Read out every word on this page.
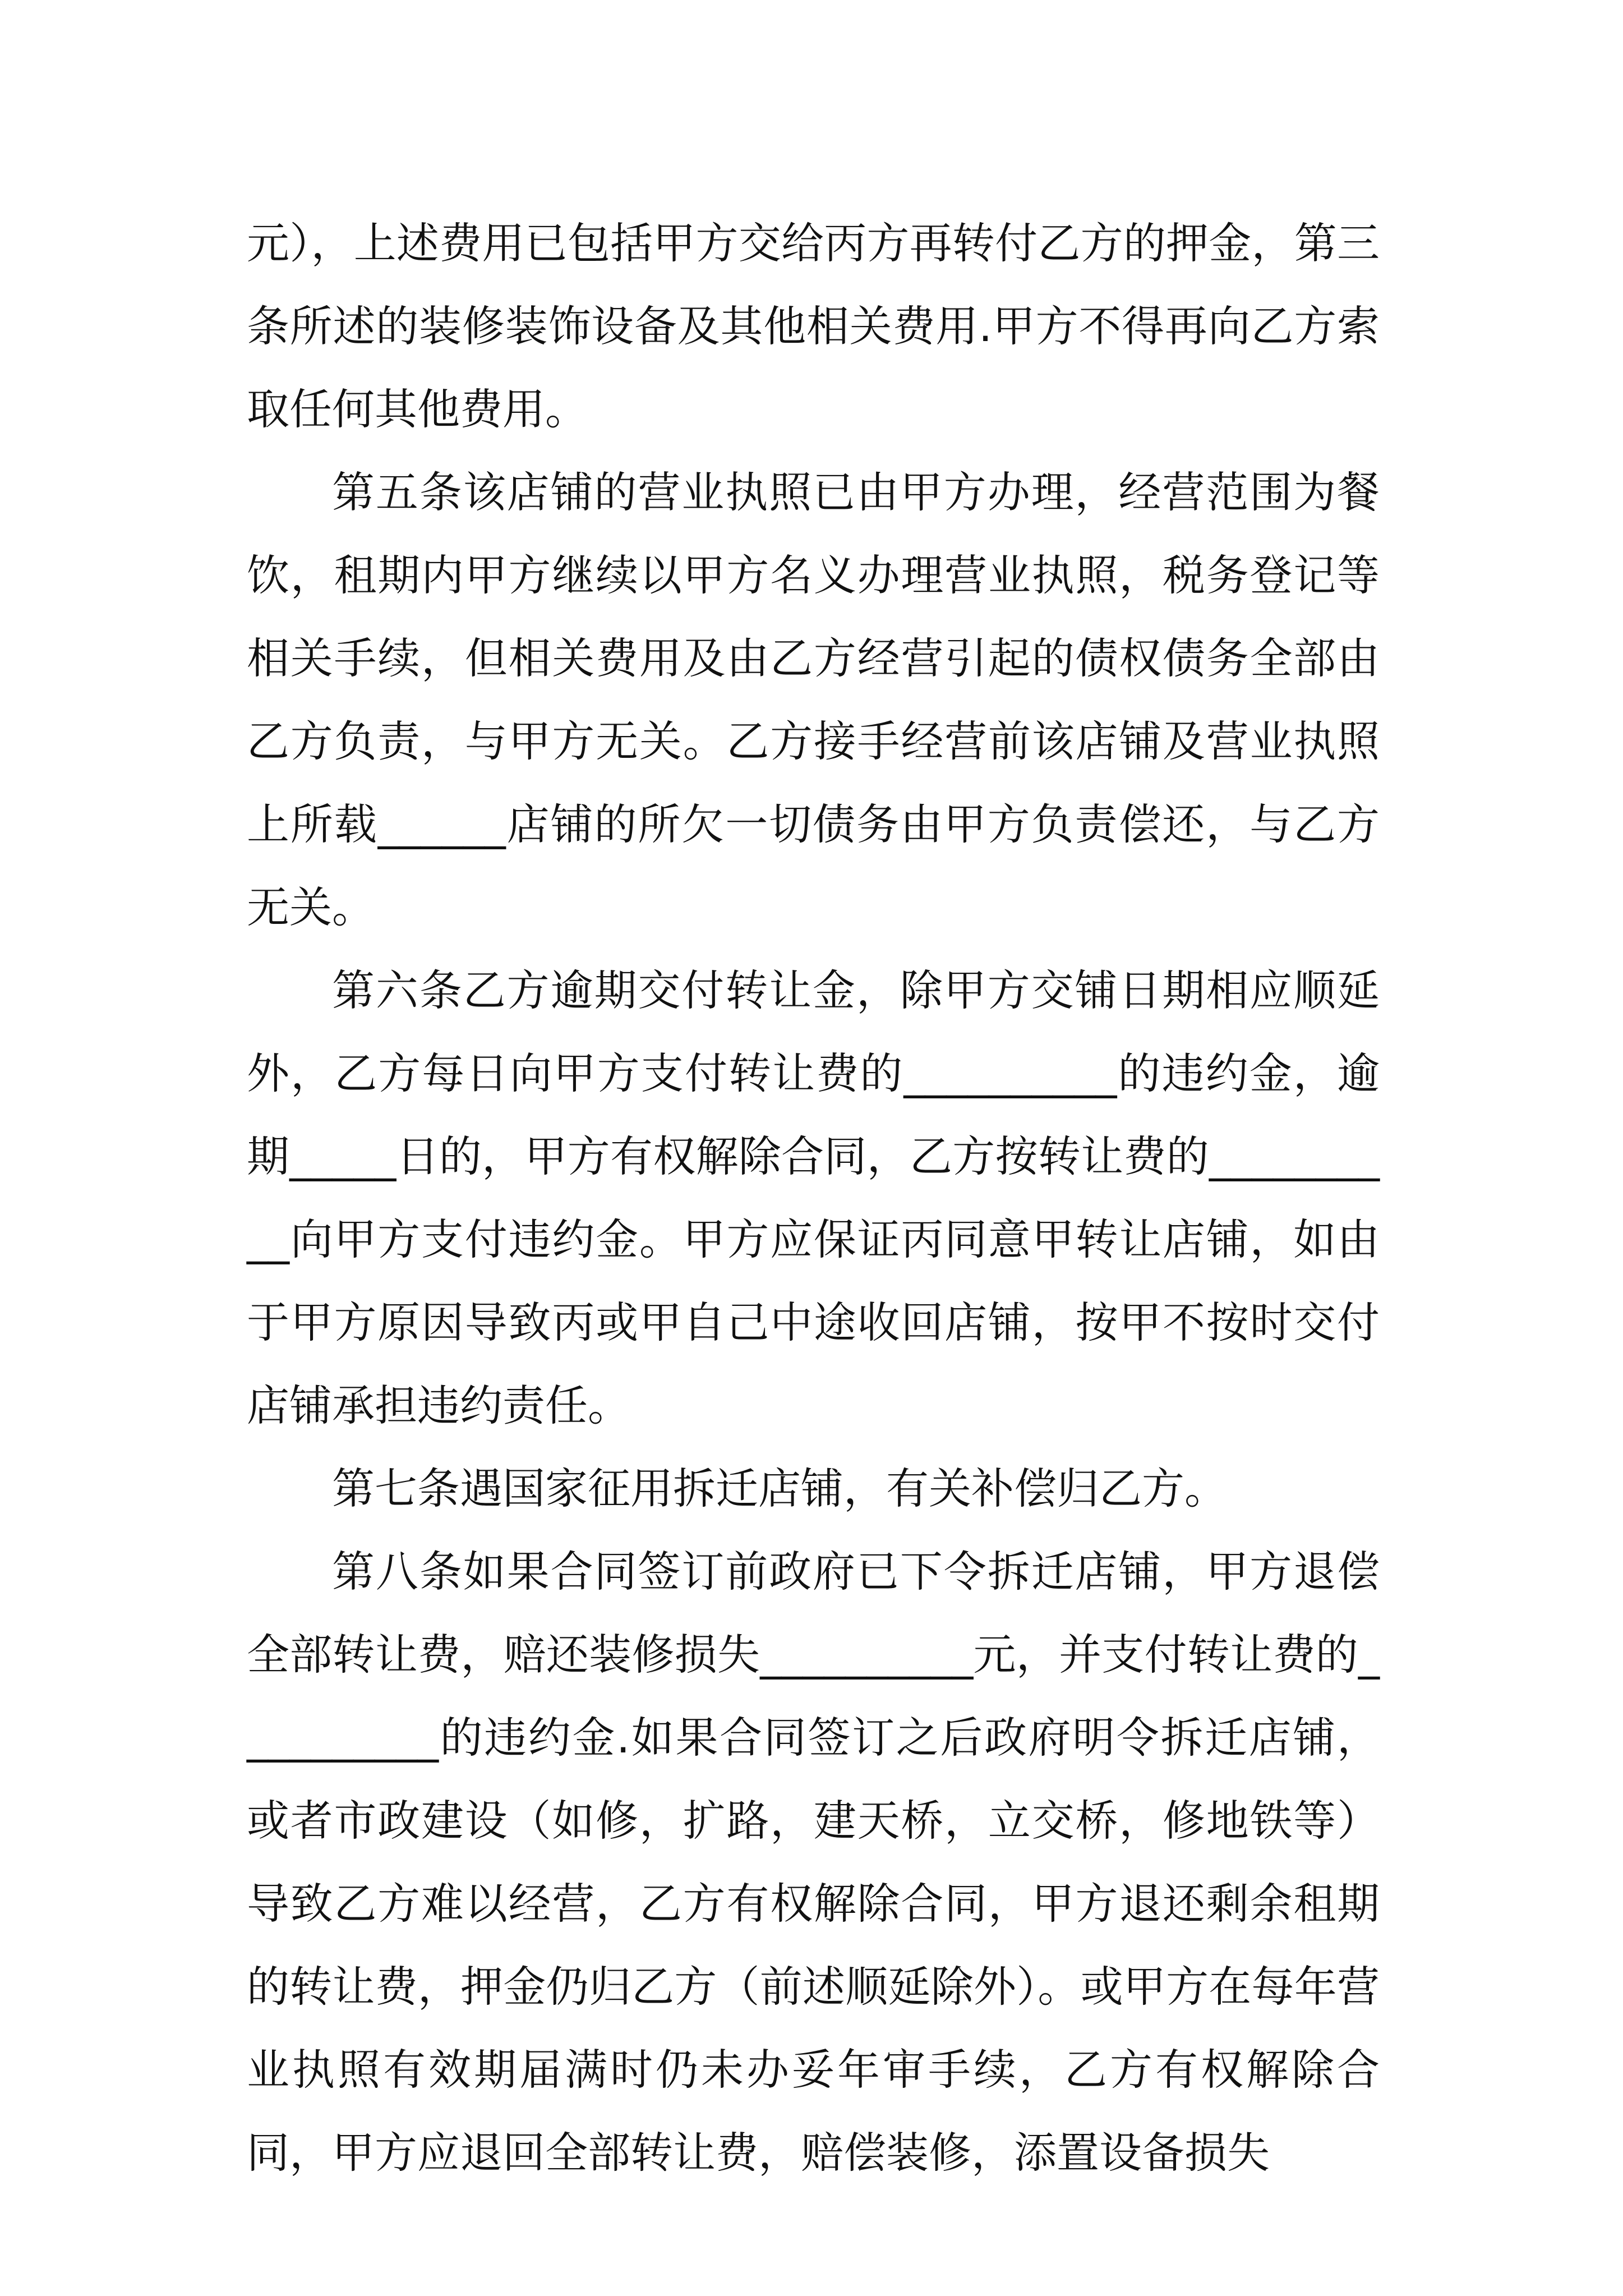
元），上述费用已包括甲方交给丙方再转付乙方的押金，第三条所述的装修装饰设备及其他相关费用.甲方不得再向乙方索取任何其他费用。

第五条该店铺的营业执照已由甲方办理，经营范围为餐饮，租期内甲方继续以甲方名义办理营业执照，税务登记等相关手续，但相关费用及由乙方经营引起的债权债务全部由乙方负责，与甲方无关。乙方接手经营前该店铺及营业执照上所载______店铺的所欠一切债务由甲方负责偿还，与乙方无关。

第六条乙方逾期交付转让金，除甲方交铺日期相应顺延外，乙方每日向甲方支付转让费的__________的违约金，逾期_____日的，甲方有权解除合同，乙方按转让费的__________向甲方支付违约金。甲方应保证丙同意甲转让店铺，如由于甲方原因导致丙或甲自己中途收回店铺，按甲不按时交付店铺承担违约责任。

第七条遇国家征用拆迁店铺，有关补偿归乙方。

第八条如果合同签订前政府已下令拆迁店铺，甲方退偿全部转让费，赔还装修损失__________元，并支付转让费的__________的违约金.如果合同签订之后政府明令拆迁店铺，或者市政建设（如修，扩路，建天桥，立交桥，修地铁等）导致乙方难以经营，乙方有权解除合同，甲方退还剩余租期的转让费，押金仍归乙方（前述顺延除外）。或甲方在每年营业执照有效期届满时仍未办妥年审手续，乙方有权解除合同，甲方应退回全部转让费，赔偿装修，添置设备损失
